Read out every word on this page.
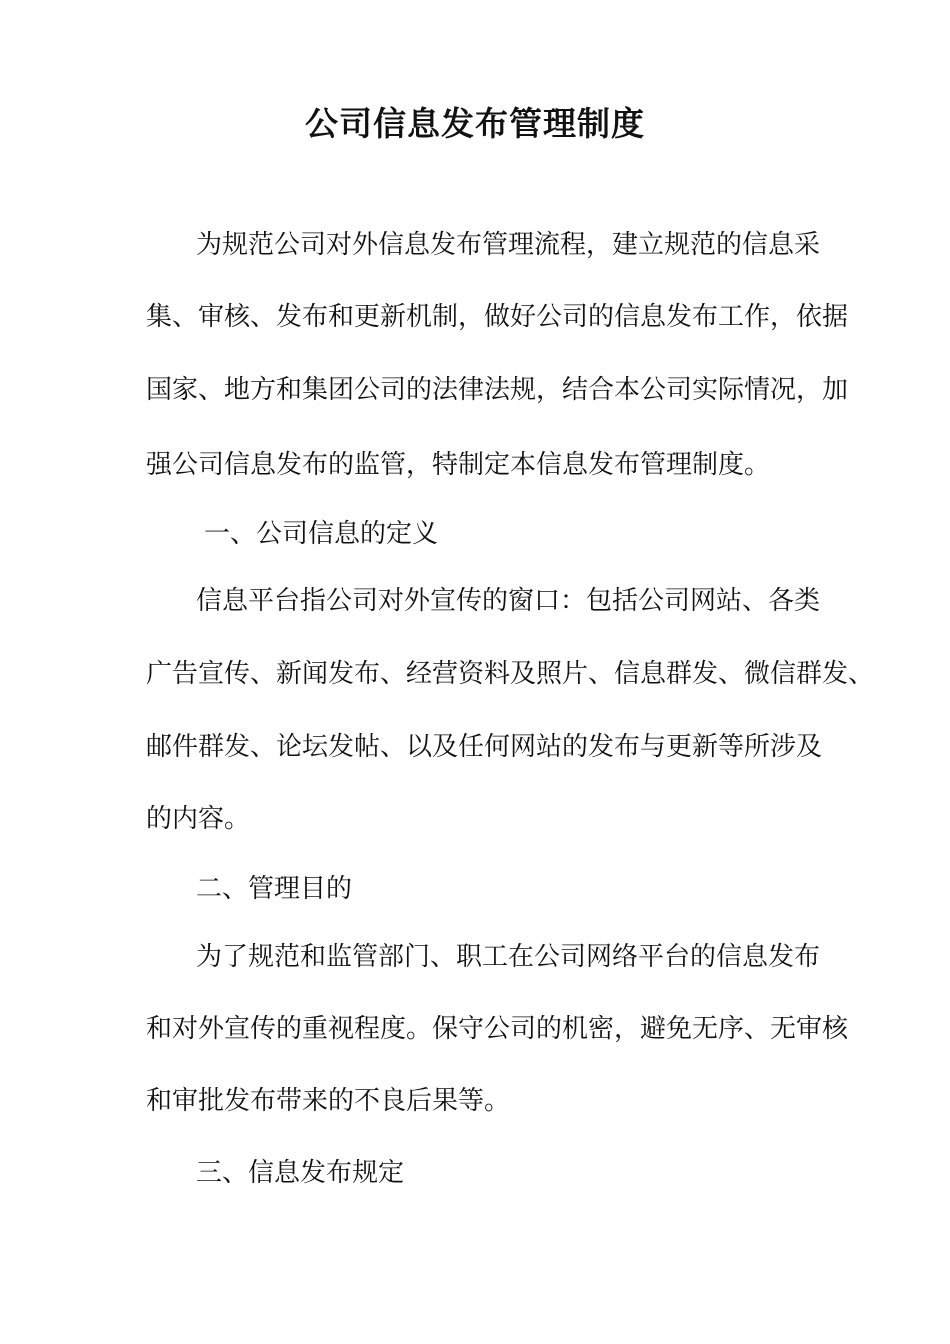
公司信息发布管理制度

为规范公司对外信息发布管理流程，建立规范的信息采

集、审核、发布和更新机制，做好公司的信息发布工作，依据

国家、地方和集团公司的法律法规，结合本公司实际情况，加

强公司信息发布的监管，特制定本信息发布管理制度。

一、公司信息的定义

信息平台指公司对外宣传的窗口：包括公司网站、各类

广告宣传、新闻发布、经营资料及照片、信息群发、微信群发、

邮件群发、论坛发帖、以及任何网站的发布与更新等所涉及

的内容。

二、管理目的

为了规范和监管部门、职工在公司网络平台的信息发布

和对外宣传的重视程度。保守公司的机密，避免无序、无审核

和审批发布带来的不良后果等。

三、信息发布规定
